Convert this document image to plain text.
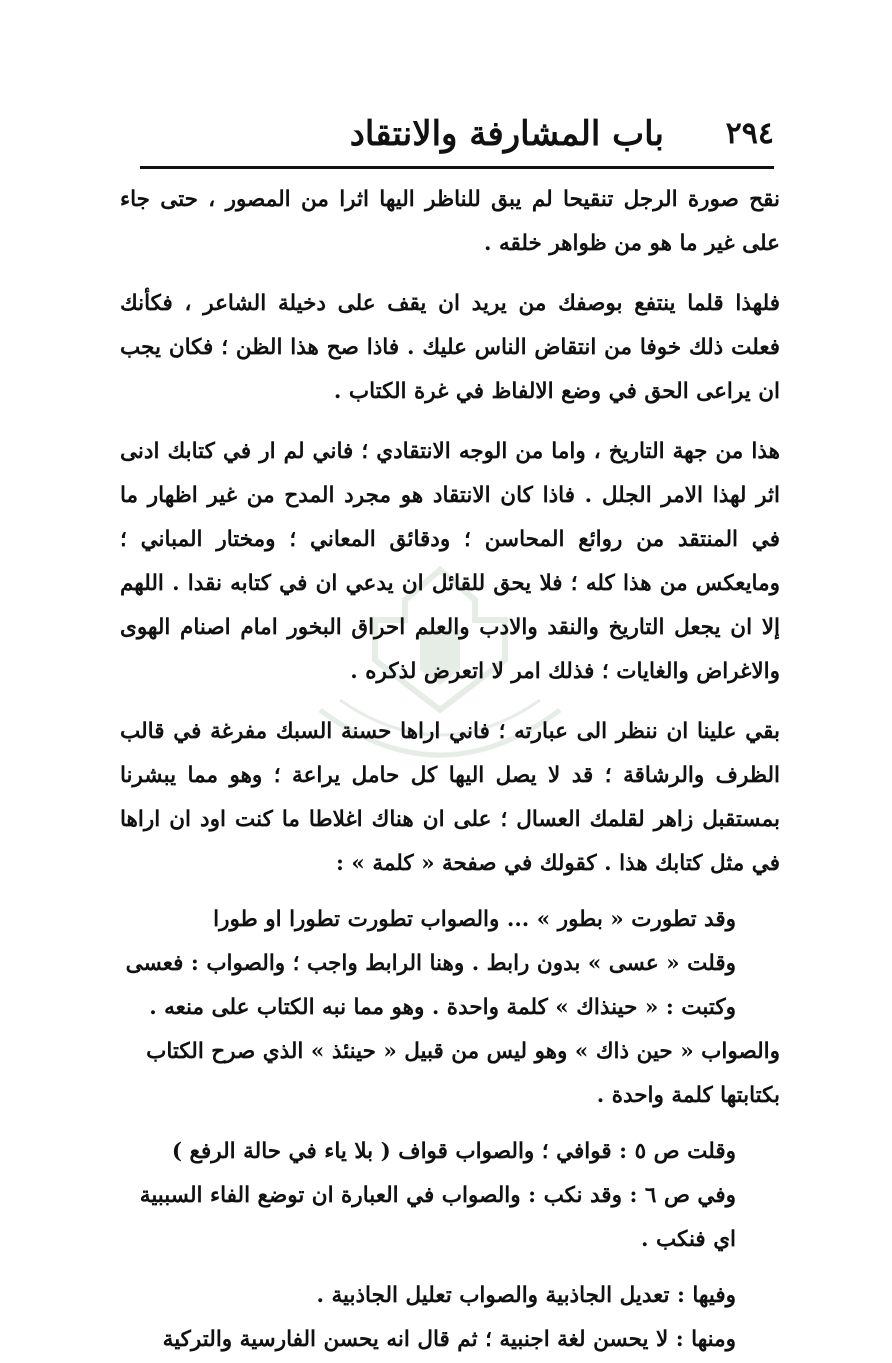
باب المشارفة والانتقاد ٢٩٤

نقح صورة الرجل تنقيحا لم يبق للناظر اليها اثرا من المصور ، حتى جاء على غير ما هو من ظواهر خلقه .

فلهذا قلما ينتفع بوصفك من يريد ان يقف على دخيلة الشاعر ، فكأنك فعلت ذلك خوفا من انتقاض الناس عليك . فاذا صح هذا الظن ؛ فكان يجب ان يراعى الحق في وضع الالفاظ في غرة الكتاب .

هذا من جهة التاريخ ، واما من الوجه الانتقادي ؛ فاني لم ار في كتابك ادنى اثر لهذا الامر الجلل . فاذا كان الانتقاد هو مجرد المدح من غير اظهار ما في المنتقد من روائع المحاسن ؛ ودقائق المعاني ؛ ومختار المباني ؛ ومايعكس من هذا كله ؛ فلا يحق للقائل ان يدعي ان في كتابه نقدا . اللهم إلا ان يجعل التاريخ والنقد والادب والعلم احراق البخور امام اصنام الهوى والاغراض والغايات ؛ فذلك امر لا اتعرض لذكره .

بقي علينا ان ننظر الى عبارته ؛ فاني اراها حسنة السبك مفرغة في قالب الظرف والرشاقة ؛ قد لا يصل اليها كل حامل يراعة ؛ وهو مما يبشرنا بمستقبل زاهر لقلمك العسال ؛ على ان هناك اغلاطا ما كنت اود ان اراها في مثل كتابك هذا . كقولك في صفحة « كلمة » :

وقد تطورت « بطور » ... والصواب تطورت تطورا او طورا

وقلت « عسى » بدون رابط . وهنا الرابط واجب ؛ والصواب : فعسى

وكتبت : « حينذاك » كلمة واحدة . وهو مما نبه الكتاب على منعه .

والصواب « حين ذاك » وهو ليس من قبيل « حينئذ » الذي صرح الكتاب بكتابتها كلمة واحدة .

وقلت ص ٥ : قوافي ؛ والصواب قواف ( بلا ياء في حالة الرفع )

وفي ص ٦ : وقد نكب : والصواب في العبارة ان توضع الفاء السببية اي فنكب .

وفيها : تعديل الجاذبية والصواب تعليل الجاذبية .

ومنها : لا يحسن لغة اجنبية ؛ ثم قال انه يحسن الفارسية والتركية
